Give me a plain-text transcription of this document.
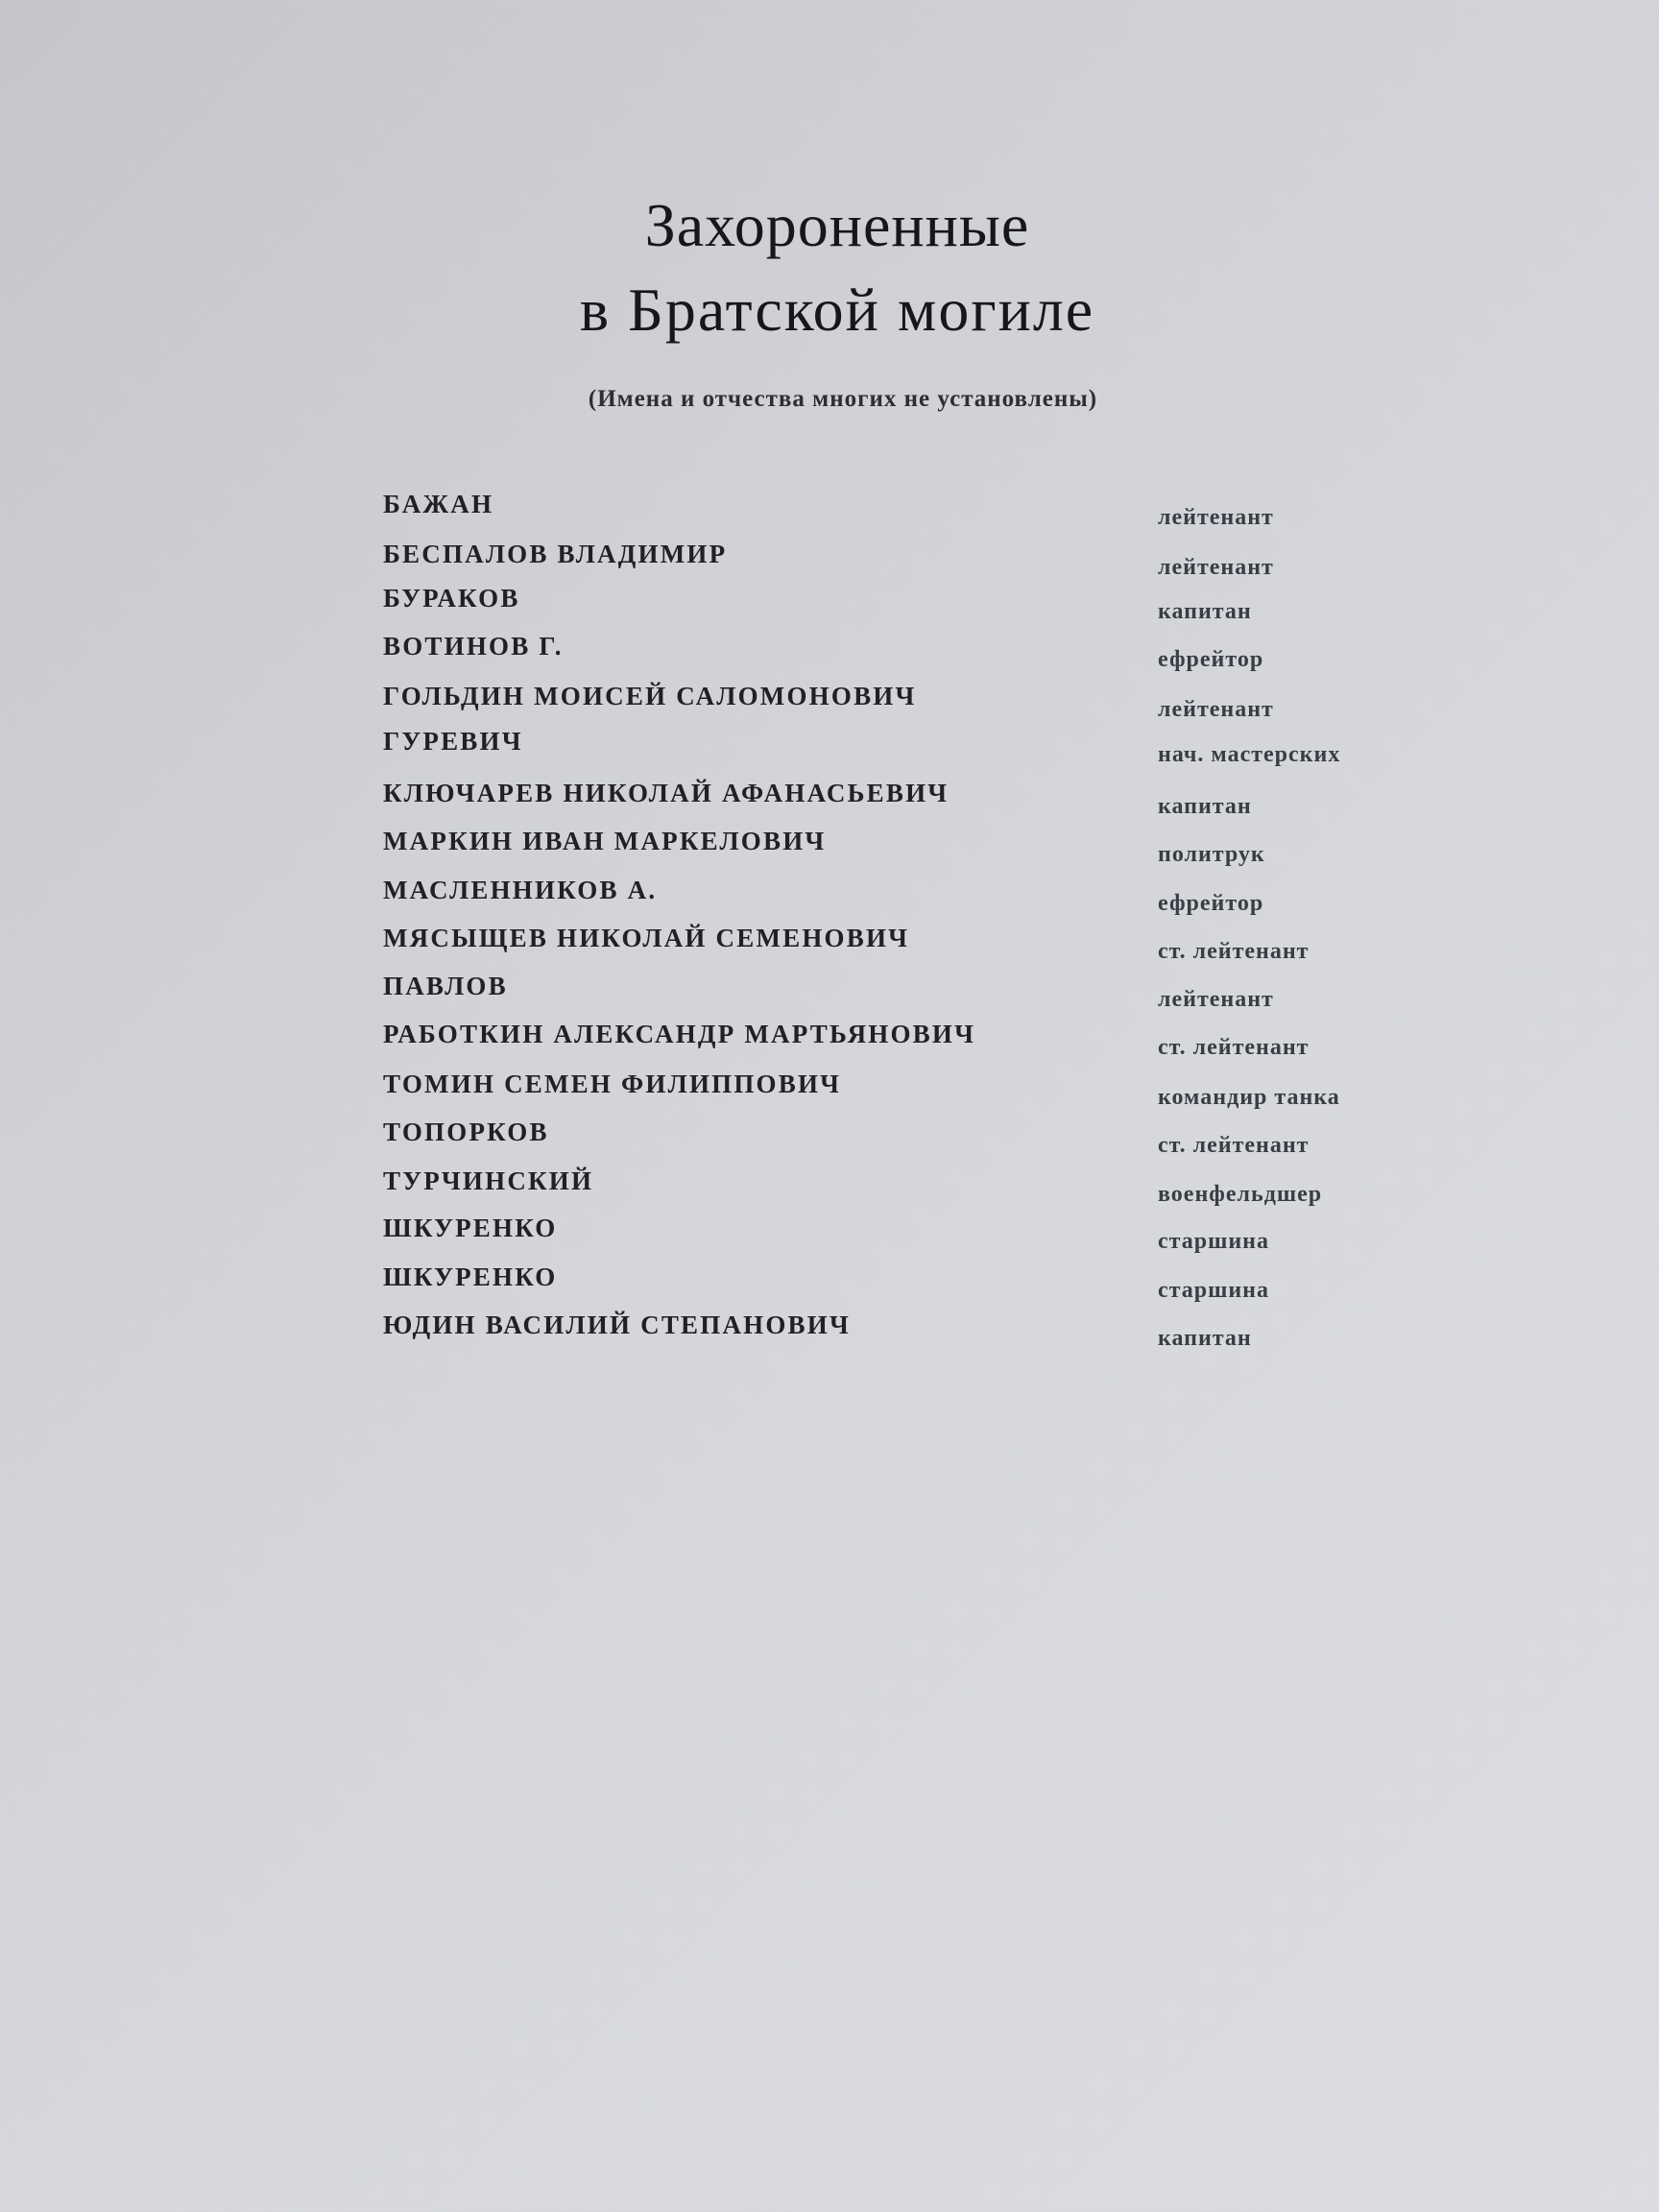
Захороненные
в Братской могиле
(Имена и отчества многих не установлены)
БАЖАН	лейтенант
БЕСПАЛОВ ВЛАДИМИР	лейтенант
БУРАКОВ	капитан
ВОТИНОВ Г.	ефрейтор
ГОЛЬДИН МОИСЕЙ САЛОМОНОВИЧ	лейтенант
ГУРЕВИЧ	нач. мастерских
КЛЮЧАРЕВ НИКОЛАЙ АФАНАСЬЕВИЧ	капитан
МАРКИН ИВАН МАРКЕЛОВИЧ	политрук
МАСЛЕННИКОВ А.	ефрейтор
МЯСЫЩЕВ НИКОЛАЙ СЕМЕНОВИЧ	ст. лейтенант
ПАВЛОВ	лейтенант
РАБОТКИН АЛЕКСАНДР МАРТЬЯНОВИЧ	ст. лейтенант
ТОМИН СЕМЕН ФИЛИППОВИЧ	командир танка
ТОПОРКОВ	ст. лейтенант
ТУРЧИНСКИЙ	военфельдшер
ШКУРЕНКО	старшина
ШКУРЕНКО	старшина
ЮДИН ВАСИЛИЙ СТЕПАНОВИЧ	капитан
